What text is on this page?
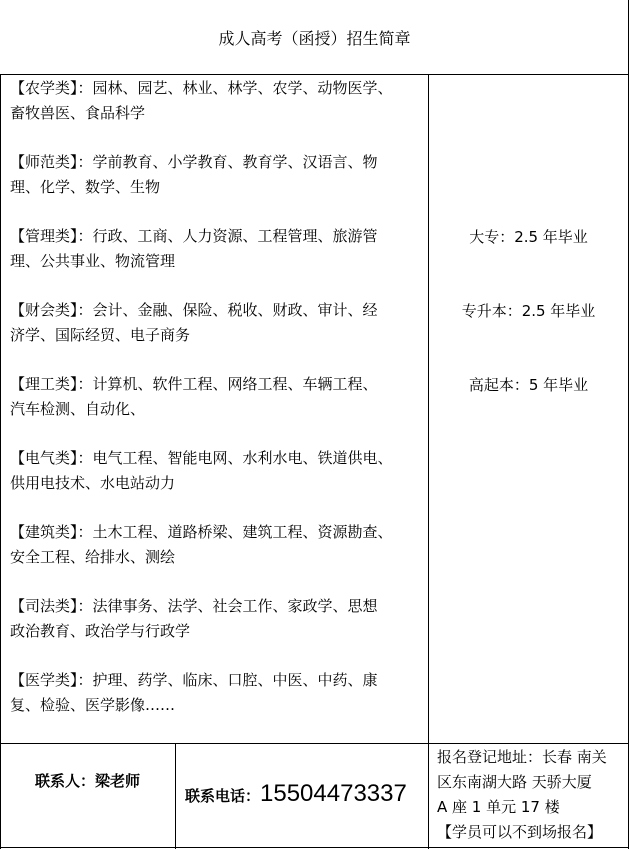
成人高考（函授）招生简章
【农学类】：园林、园艺、林业、林学、农学、动物医学、
畜牧兽医、食品科学
【师范类】：学前教育、小学教育、教育学、汉语言、物
理、化学、数学、生物
【管理类】：行政、工商、人力资源、工程管理、旅游管
理、公共事业、物流管理
【财会类】：会计、金融、保险、税收、财政、审计、经
济学、国际经贸、电子商务
【理工类】：计算机、软件工程、网络工程、车辆工程、
汽车检测、自动化、
【电气类】：电气工程、智能电网、水利水电、铁道供电、
供用电技术、水电站动力
【建筑类】：土木工程、道路桥梁、建筑工程、资源勘查、
安全工程、给排水、测绘
【司法类】：法律事务、法学、社会工作、家政学、思想
政治教育、政治学与行政学
【医学类】：护理、药学、临床、口腔、中医、中药、康
复、检验、医学影像……
大专：2.5 年毕业
专升本：2.5 年毕业
高起本：5 年毕业
联系人：梁老师
联系电话：15504473337
报名登记地址：长春 南关
区东南湖大路 天骄大厦
A 座 1 单元 17 楼
【学员可以不到场报名】
